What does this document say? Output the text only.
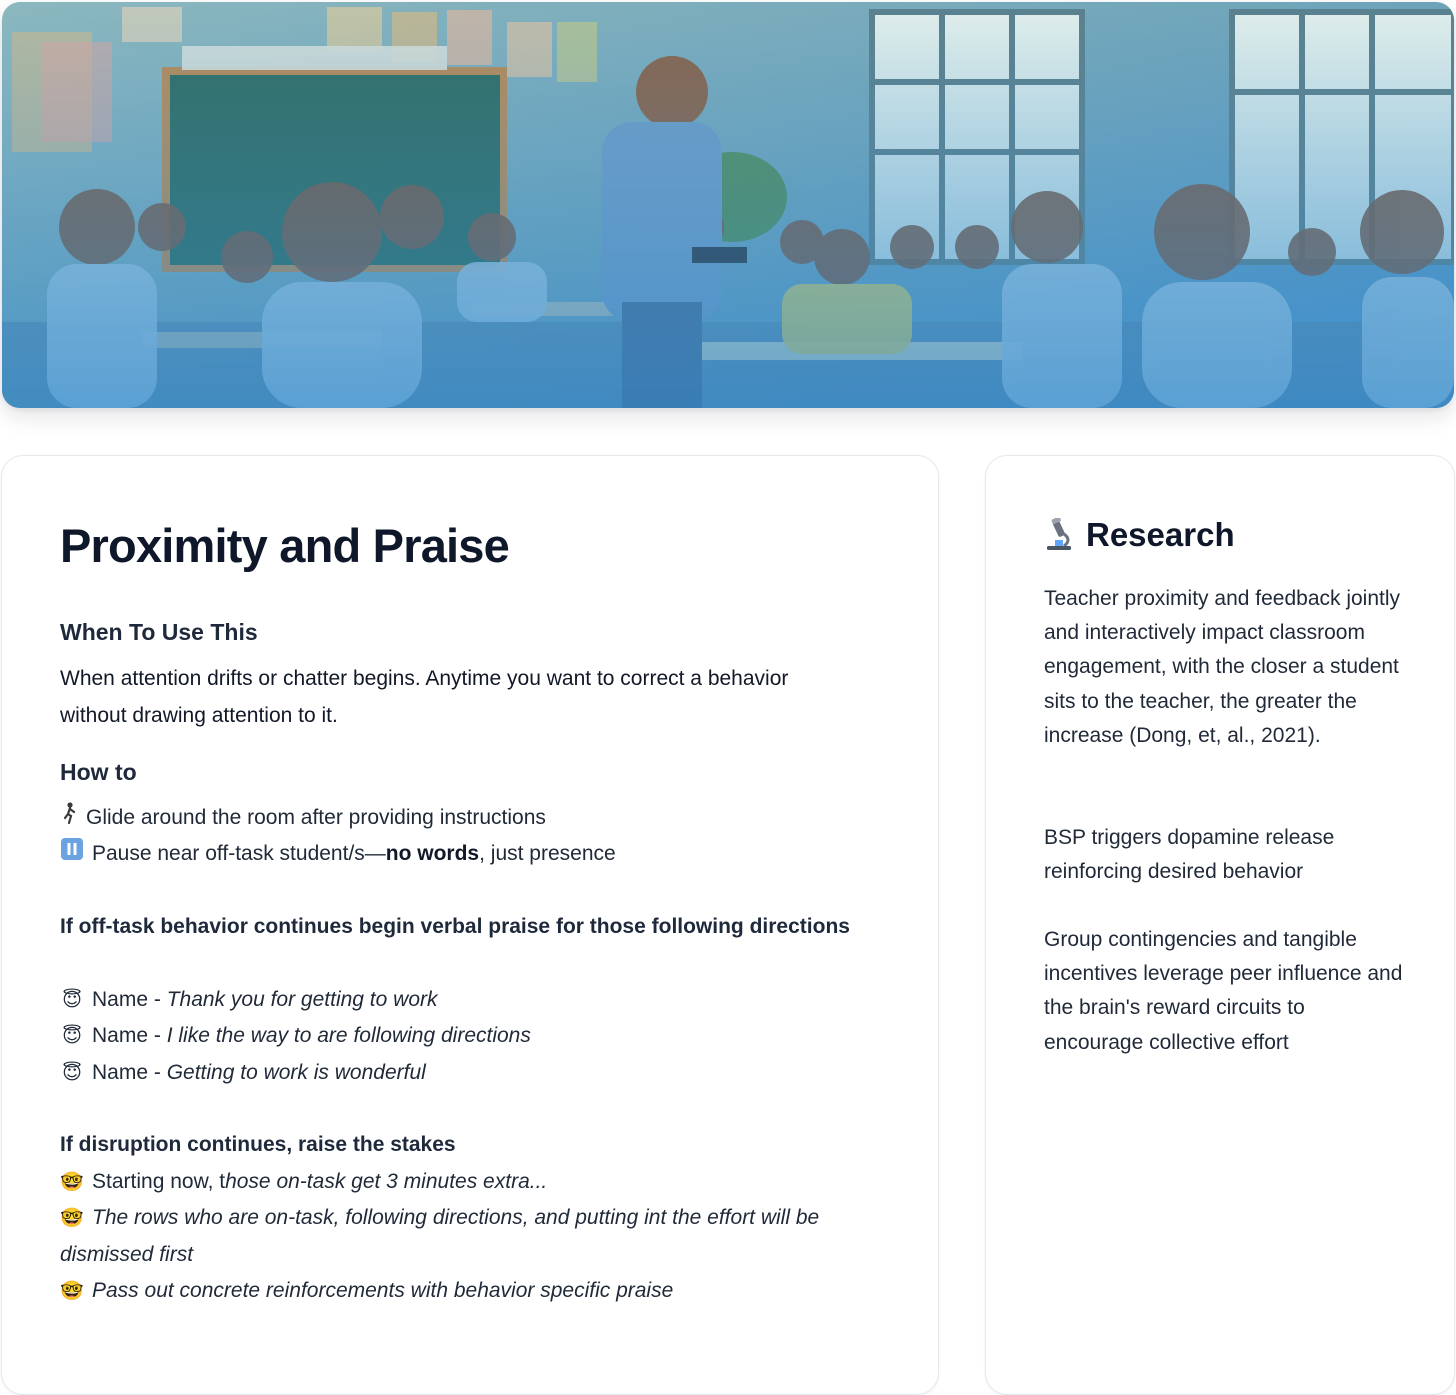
Proximity and Praise
When To Use This
When attention drifts or chatter begins. Anytime you want to correct a behavior without drawing attention to it.
How to
Glide around the room after providing instructions
Pause near off-task student/s—no words, just presence
If off-task behavior continues begin verbal praise for those following directions
😇 Name - Thank you for getting to work
😇 Name - I like the way to are following directions
😇 Name - Getting to work is wonderful
If disruption continues, raise the stakes
🤓 Starting now, those on-task get 3 minutes extra...
🤓 The rows who are on-task, following directions, and putting int the effort will be dismissed first
🤓 Pass out concrete reinforcements with behavior specific praise
Research
Teacher proximity and feedback jointly and interactively impact classroom engagement, with the closer a student sits to the teacher, the greater the increase (Dong, et, al., 2021).
BSP triggers dopamine release reinforcing desired behavior
Group contingencies and tangible incentives leverage peer influence and the brain's reward circuits to encourage collective effort
